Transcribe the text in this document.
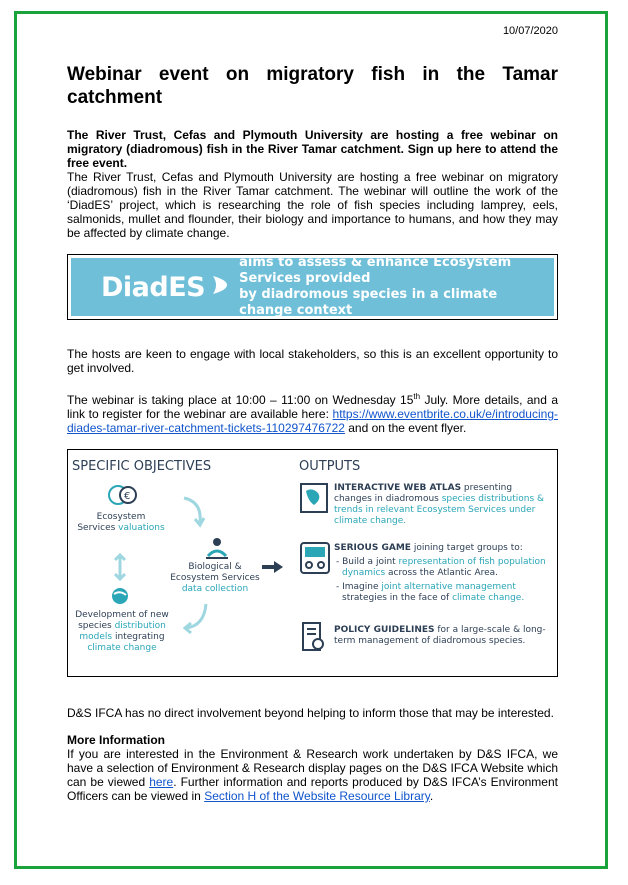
10/07/2020
Webinar event on migratory fish in the Tamar catchment

The River Trust, Cefas and Plymouth University are hosting a free webinar on migratory (diadromous) fish in the River Tamar catchment. Sign up here to attend the free event.

The River Trust, Cefas and Plymouth University are hosting a free webinar on migratory (diadromous) fish in the River Tamar catchment. The webinar will outline the work of the ‘DiadES’ project, which is researching the role of fish species including lamprey, eels, salmonids, mullet and flounder, their biology and importance to humans, and how they may be affected by climate change.

DiadES
aims to assess & enhance Ecosystem Services provided
by diadromous species in a climate change context

The hosts are keen to engage with local stakeholders, so this is an excellent opportunity to get involved.

The webinar is taking place at 10:00 – 11:00 on Wednesday 15th July. More details, and a link to register for the webinar are available here: https://www.eventbrite.co.uk/e/introducing-diades-tamar-river-catchment-tickets-110297476722 and on the event flyer.

SPECIFIC OBJECTIVES	OUTPUTS
€
Ecosystem
Services valuations
Biological &
Ecosystem Services
data collection
Development of new
species distribution
models integrating
climate change
INTERACTIVE WEB ATLAS presenting changes in diadromous species distributions & trends in relevant Ecosystem Services under climate change.
SERIOUS GAME joining target groups to:
- Build a joint representation of fish population dynamics across the Atlantic Area.
- Imagine joint alternative management strategies in the face of climate change.
POLICY GUIDELINES for a large-scale & long-term management of diadromous species.

D&S IFCA has no direct involvement beyond helping to inform those that may be interested.

More Information

If you are interested in the Environment & Research work undertaken by D&S IFCA, we have a selection of Environment & Research display pages on the D&S IFCA Website which can be viewed here. Further information and reports produced by D&S IFCA’s Environment Officers can be viewed in Section H of the Website Resource Library.
